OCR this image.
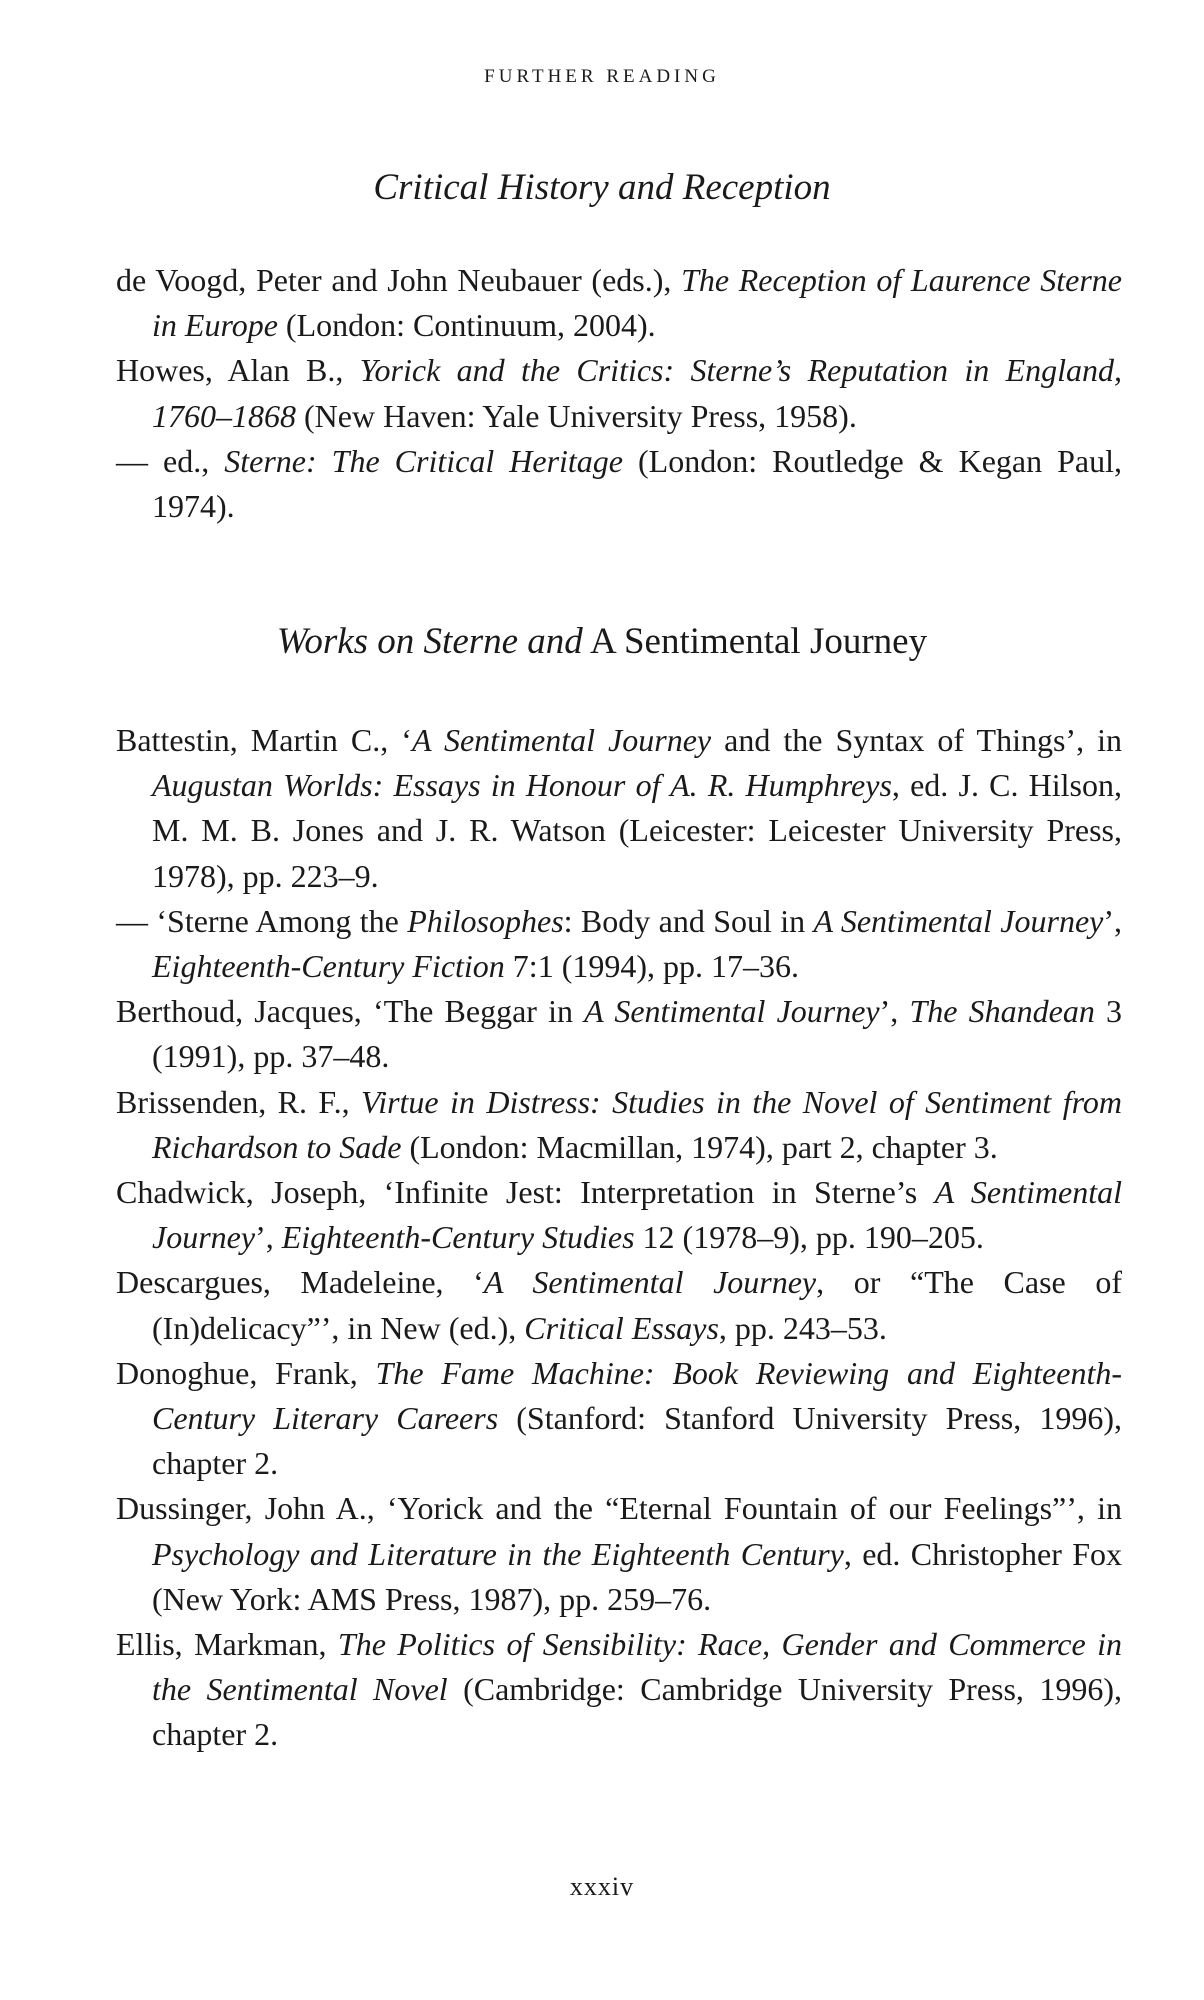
FURTHER READING
Critical History and Reception
de Voogd, Peter and John Neubauer (eds.), The Reception of Laurence Sterne in Europe (London: Continuum, 2004).
Howes, Alan B., Yorick and the Critics: Sterne’s Reputation in England, 1760–1868 (New Haven: Yale University Press, 1958).
— ed., Sterne: The Critical Heritage (London: Routledge & Kegan Paul, 1974).
Works on Sterne and A Sentimental Journey
Battestin, Martin C., ‘A Sentimental Journey and the Syntax of Things’, in Augustan Worlds: Essays in Honour of A. R. Humphreys, ed. J. C. Hilson, M. M. B. Jones and J. R. Watson (Leicester: Leicester University Press, 1978), pp. 223–9.
— ‘Sterne Among the Philosophes: Body and Soul in A Sentimental Journey’, Eighteenth-Century Fiction 7:1 (1994), pp. 17–36.
Berthoud, Jacques, ‘The Beggar in A Sentimental Journey’, The Shandean 3 (1991), pp. 37–48.
Brissenden, R. F., Virtue in Distress: Studies in the Novel of Sentiment from Richardson to Sade (London: Macmillan, 1974), part 2, chapter 3.
Chadwick, Joseph, ‘Infinite Jest: Interpretation in Sterne’s A Sentimental Journey’, Eighteenth-Century Studies 12 (1978–9), pp. 190–205.
Descargues, Madeleine, ‘A Sentimental Journey, or “The Case of (In)delicacy”’, in New (ed.), Critical Essays, pp. 243–53.
Donoghue, Frank, The Fame Machine: Book Reviewing and Eighteenth-Century Literary Careers (Stanford: Stanford University Press, 1996), chapter 2.
Dussinger, John A., ‘Yorick and the “Eternal Fountain of our Feelings”’, in Psychology and Literature in the Eighteenth Century, ed. Christopher Fox (New York: AMS Press, 1987), pp. 259–76.
Ellis, Markman, The Politics of Sensibility: Race, Gender and Commerce in the Sentimental Novel (Cambridge: Cambridge University Press, 1996), chapter 2.

xxxiv
